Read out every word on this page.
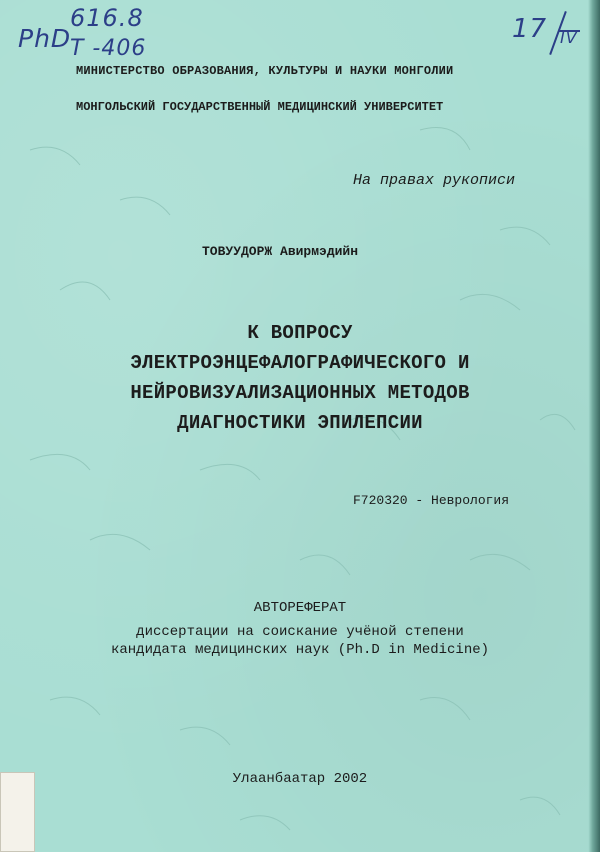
PhD
616.8
T -406
17 IV
МИНИСТЕРСТВО ОБРАЗОВАНИЯ, КУЛЬТУРЫ И НАУКИ МОНГОЛИИ
МОНГОЛЬСКИЙ ГОСУДАРСТВЕННЫЙ МЕДИЦИНСКИЙ УНИВЕРСИТЕТ
На правах рукописи
ТОВУУДОРЖ Авирмэдийн
К ВОПРОСУ
ЭЛЕКТРОЭНЦЕФАЛОГРАФИЧЕСКОГО И
НЕЙРОВИЗУАЛИЗАЦИОННЫХ МЕТОДОВ
ДИАГНОСТИКИ ЭПИЛЕПСИИ
F720320 - Неврология
АВТОРЕФЕРАТ
диссертации на соискание учёной степени
кандидата медицинских наук (Ph.D in Medicine)
Улаанбаатар 2002
